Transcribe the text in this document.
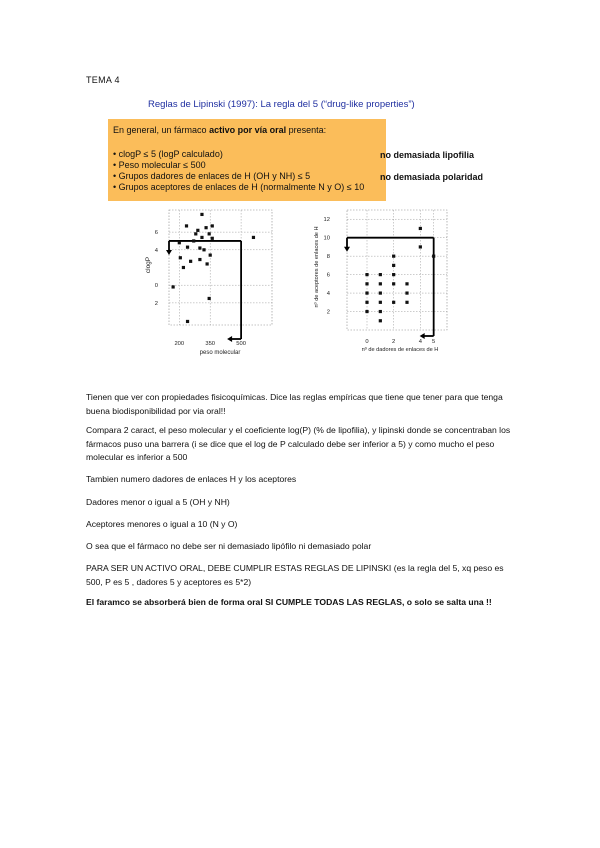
TEMA 4
Reglas de Lipinski (1997): La regla del 5 (“drug-like properties”)
En general, un fármaco activo por vía oral presenta:
• clogP ≤ 5 (logP calculado)
• Peso molecular ≤ 500
• Grupos dadores de enlaces de H (OH y NH) ≤ 5
• Grupos aceptores de enlaces de H (normalmente N y O) ≤ 10
no demasiada lipofilia
no demasiada polaridad
200	350	500
6
4
0
2
peso molecular
clogP
0	2	4 5
2
4
6
8
10
12
nº de dadores de enlaces de H
nº de aceptores de enlaces de H
Tienen que ver con propiedades fisicoquímicas. Dice las reglas empíricas que tiene que tener para que tenga buena biodisponibilidad por via oral!!
Compara 2 caract, el peso molecular y el coeficiente log(P) (% de lipofilia), y lipinski donde se concentraban los fármacos puso una barrera (i se dice que el log de P calculado debe ser inferior a 5) y como mucho el peso molecular es inferior a 500
Tambien numero dadores de enlaces H y los aceptores
Dadores menor o igual a 5 (OH y NH)
Aceptores menores o igual a 10 (N y O)
O sea que el fármaco no debe ser ni demasiado lipófilo ni demasiado polar
PARA SER UN ACTIVO ORAL, DEBE CUMPLIR ESTAS REGLAS DE LIPINSKI (es la regla del 5, xq peso es 500, P es 5 , dadores 5 y aceptores es 5*2)
El faramco se absorberá bien de forma oral SI CUMPLE TODAS LAS REGLAS, o solo se salta una !!
